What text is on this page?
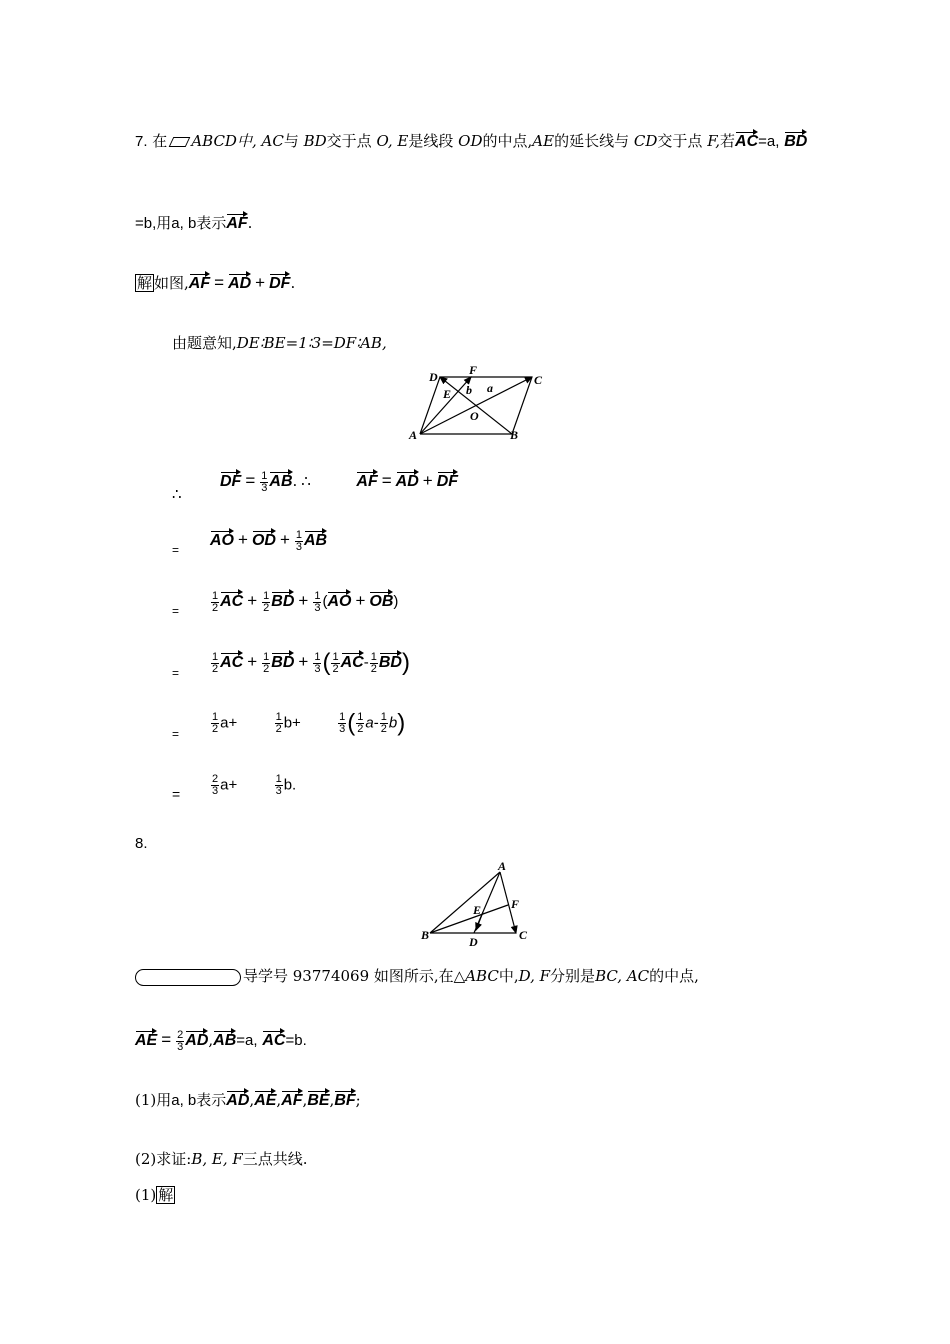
7. 在 ABCD中, AC与 BD交于点 O, E是线段 OD的中点,AE的延长线与 CD交于点 F,若AC=a, BD
=b,用a, b表示AF.
解 如图,AF = AD + DF.
由题意知,DE∶BE=1∶3=DF∶AB,
D	F
C
E b a
O
A	B
∴
DF = $\frac{1}{3}$ AB. ∴	AF = AD + DF
=
AO + OD + $\frac{1}{3}$ AB
=	$\frac{1}{2}$ AC + $\frac{1}{2}$ BD + $\frac{1}{3} (AO + OB)$
=	$\frac{1}{2}$ AC + $\frac{1}{2}$ BD + $\frac{1}{3}$ ( $\frac{1}{2} AC- \frac{1}{2} BD$)
=	$\frac{1}{2} a+$	$\frac{1}{2} b+$	$\frac{1}{3}$ ( $\frac{1}{2} a- \frac{1}{2} b$)
=	$\frac{2}{3} a+$	$\frac{1}{3} b$.
8.
A
E F
B	D	C
导学号 93774069 如图所示,在△ABC中,D, F分别是BC, AC的中点,
AE = $\frac{2}{3} AD,AB=a$, AC=b.
(1)用a, b表示AD,AE,AF,BE,BF;
(2)求证:B, E, F三点共线.
(1) 解
